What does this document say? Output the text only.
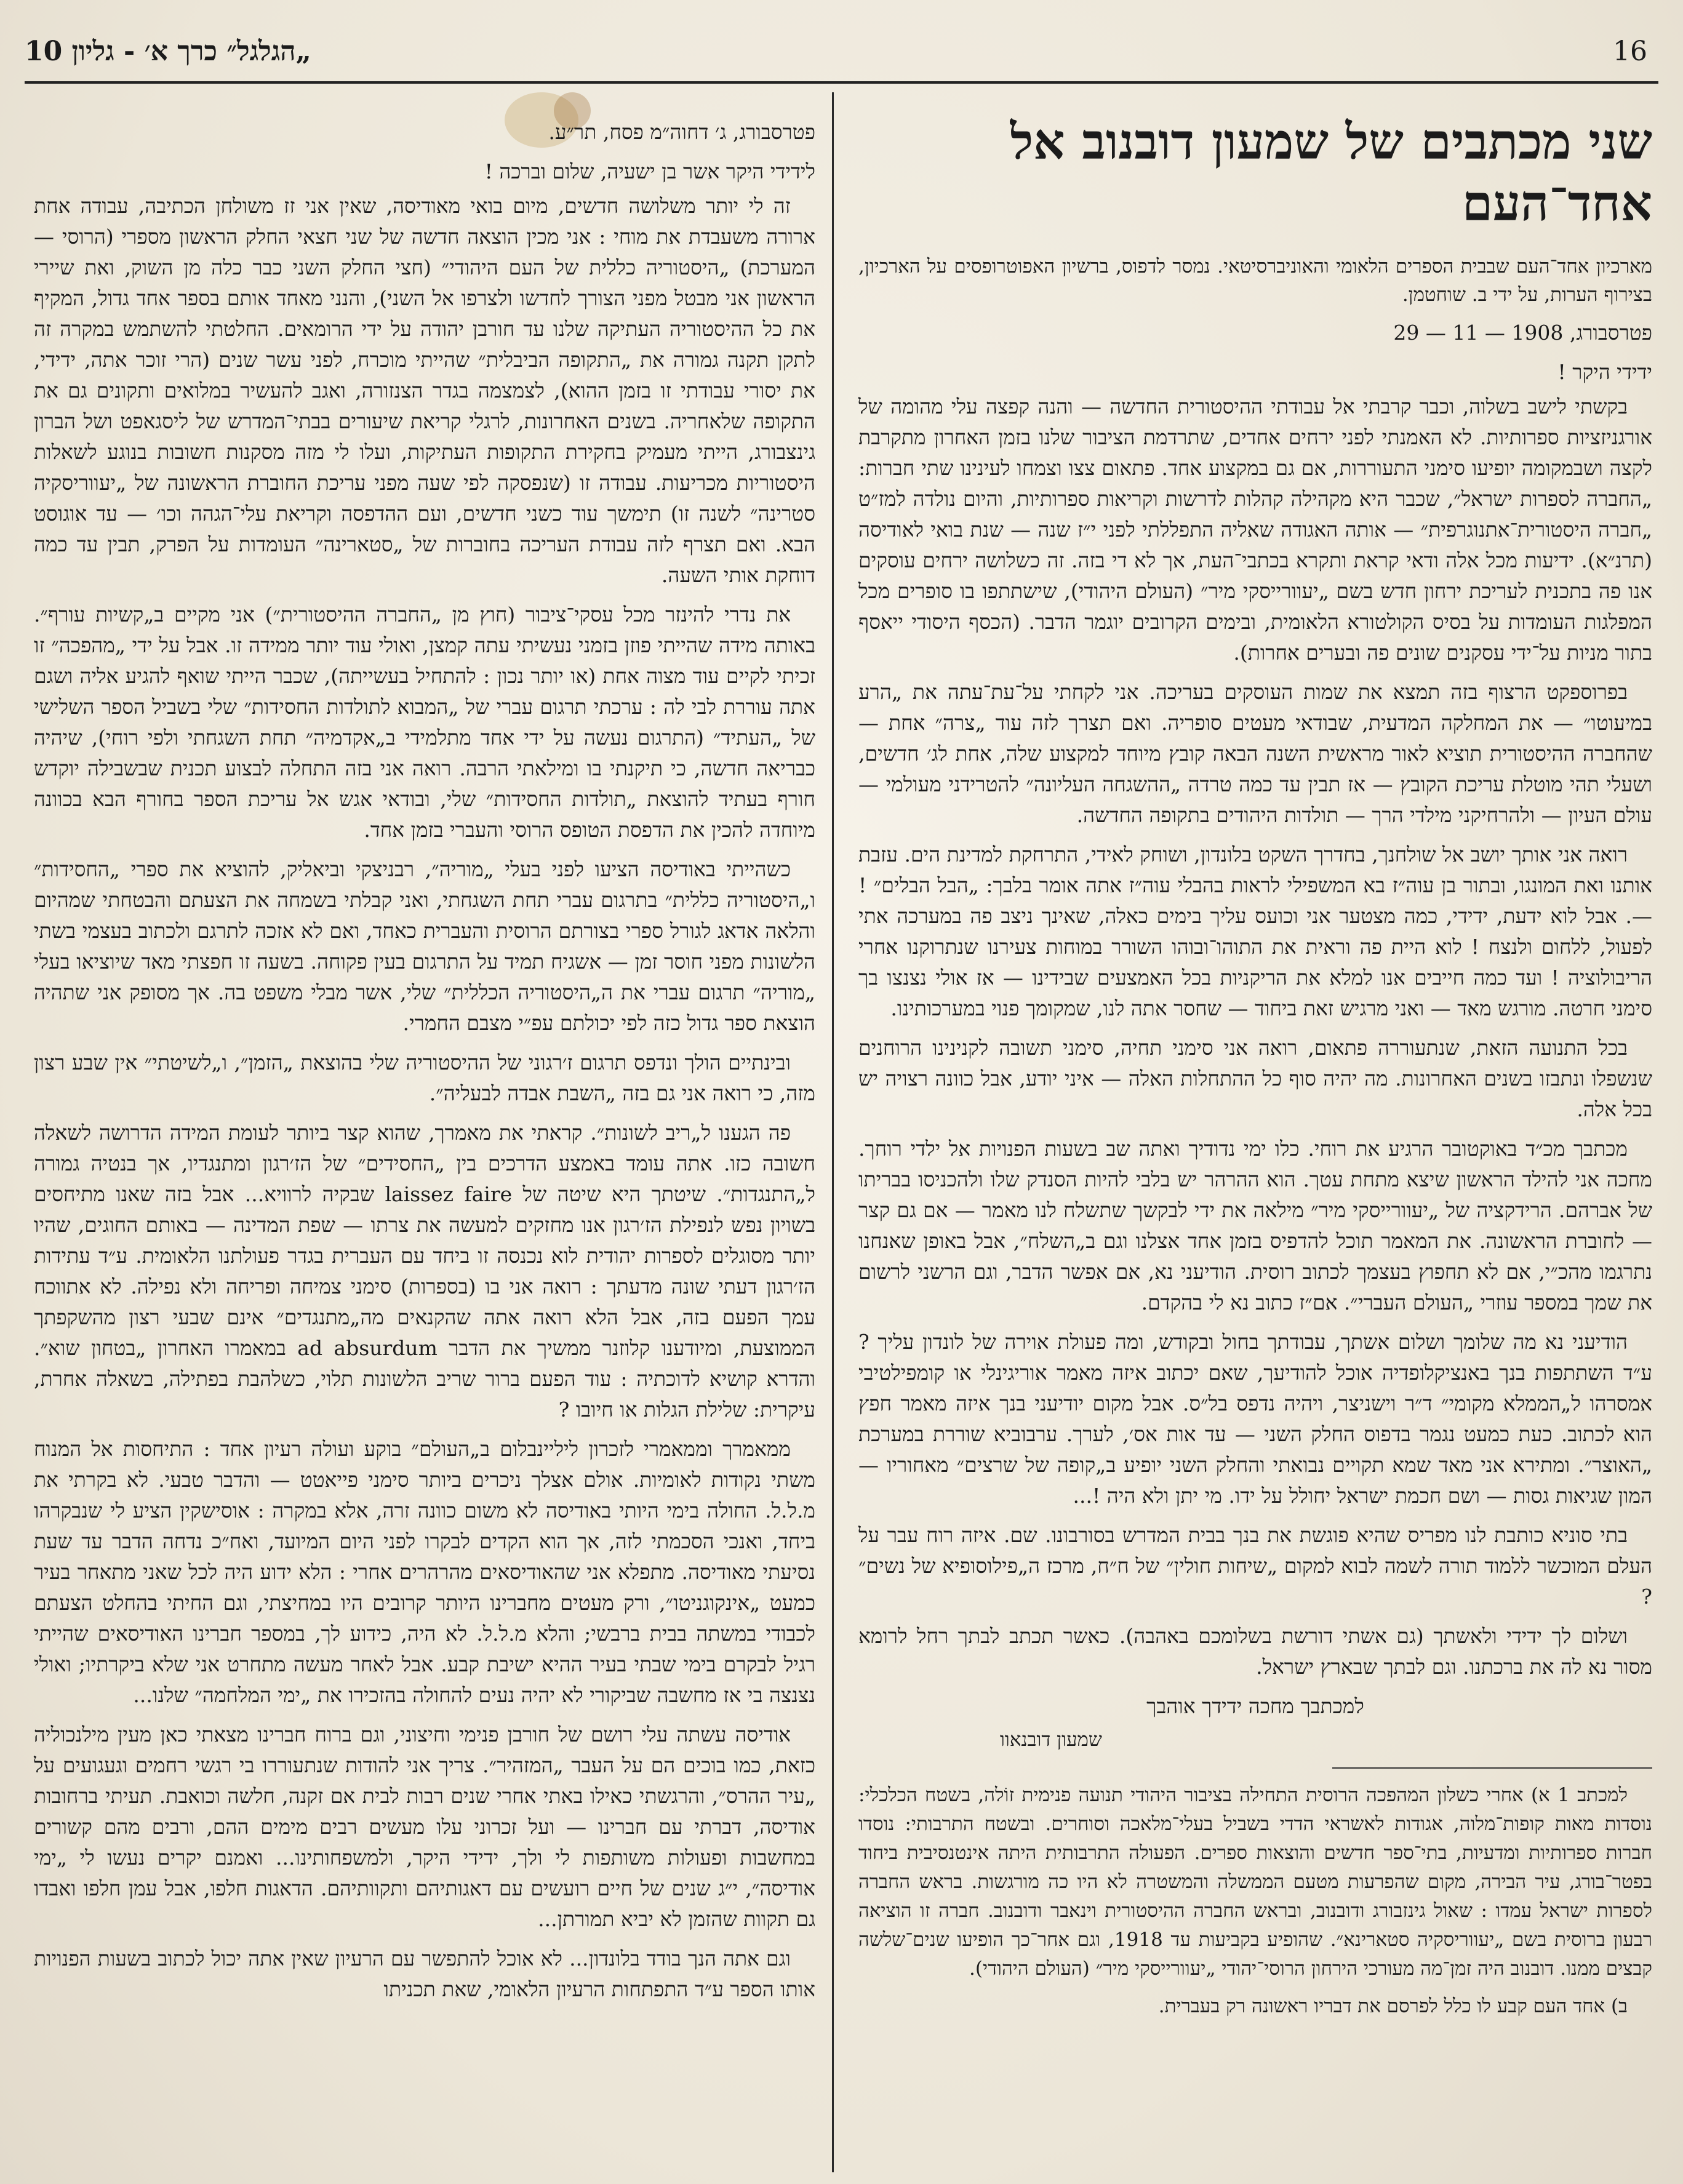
„הגלגל״ כרך א׳ - גליון 10	16
שני מכתבים של שמעון דובנוב אל אחד־העם

מארכיון אחד־העם שבבית הספרים הלאומי והאוניברסיטאי. נמסר לדפוס, ברשיון האפוטרופסים על הארכיון, בצירוף הערות, על ידי ב. שוחטמן.

פטרסבורג, 1908 — 11 — 29

ידידי היקר !

בקשתי לישב בשלוה, וכבר קרבתי אל עבודתי ההיסטורית החדשה — והנה קפצה עלי מהומה של אורגניזציות ספרותיות. לא האמנתי לפני ירחים אחדים, שתרדמת הציבור שלנו בזמן האחרון מתקרבת לקצה ושבמקומה יופיעו סימני התעוררות, אם גם במקצוע אחד. פתאום צצו וצמחו לעינינו שתי חברות: „החברה לספרות ישראל״, שכבר היא מקהילה קהלות לדרשות וקריאות ספרותיות, והיום נולדה למז״ט „חברה היסטורית־אתנוגרפית״ — אותה האגודה שאליה התפללתי לפני י״ז שנה — שנת בואי לאודיסה (תרנ״א). ידיעות מכל אלה ודאי קראת ותקרא בכתבי־העת, אך לא די בזה. זה כשלושה ירחים עוסקים אנו פה בתכנית לעריכת ירחון חדש בשם „יעוורייסקי מיר״ (העולם היהודי), שישתתפו בו סופרים מכל המפלגות העומדות על בסיס הקולטורא הלאומית, ובימים הקרובים יוגמר הדבר. (הכסף היסודי ייאסף בתור מניות על־ידי עסקנים שונים פה ובערים אחרות).

בפרוספקט הרצוף בזה תמצא את שמות העוסקים בעריכה. אני לקחתי על־עת־עתה את „הרע במיעוטו״ — את המחלקה המדעית, שבודאי מעטים סופריה. ואם תצרך לזה עוד „צרה״ אחת — שהחברה ההיסטורית תוציא לאור מראשית השנה הבאה קובץ מיוחד למקצוע שלה, אחת לג׳ חדשים, ושעלי תהי מוטלת עריכת הקובץ — אז תבין עד כמה טרדה „ההשגחה העליונה״ להטרידני מעולמי — עולם העיון — ולהרחיקני מילדי הרך — תולדות היהודים בתקופה החדשה.

רואה אני אותך יושב אל שולחנך, בחדרך השקט בלונדון, ושוחק לאידי, התרחקת למדינת הים. עזבת אותנו ואת המונגו, ובתור בן עוה״ז בא המשפילי לראות בהבלי עוה״ז אתה אומר בלבך: „הבל הבלים״ ! —. אבל לוא ידעת, ידידי, כמה מצטער אני וכועס עליך בימים כאלה, שאינך ניצב פה במערכה אתי לפעול, ללחום ולנצח ! לוא היית פה וראית את התוהו־ובוהו השורר במוחות צעירנו שנתרוקנו אחרי הריבולוציה ! ועד כמה חייבים אנו למלא את הריקניות בכל האמצעים שבידינו — אז אולי נצנצו בך סימני חרטה. מורגש מאד — ואני מרגיש זאת ביחוד — שחסר אתה לנו, שמקומך פנוי במערכותינו.

בכל התנועה הזאת, שנתעוררה פתאום, רואה אני סימני תחיה, סימני תשובה לקנינינו הרוחנים שנשפלו ונתבזו בשנים האחרונות. מה יהיה סוף כל ההתחלות האלה — איני יודע, אבל כוונה רצויה יש בכל אלה.

מכתבך מכ״ד באוקטובר הרגיע את רוחי. כלו ימי נדודיך ואתה שב בשעות הפנויות אל ילדי רוחך. מחכה אני להילד הראשון שיצא מתחת עטך. הוא ההרהר יש בלבי להיות הסנדק שלו ולהכניסו בבריתו של אברהם. הרידקציה של „יעוורייסקי מיר״ מילאה את ידי לבקשך שתשלח לנו מאמר — אם גם קצר — לחוברת הראשונה. את המאמר תוכל להדפיס בזמן אחד אצלנו וגם ב„השלח״, אבל באופן שאנחנו נתרגמו מהכ״י, אם לא תחפוץ בעצמך לכתוב רוסית. הודיעני נא, אם אפשר הדבר, וגם הרשני לרשום את שמך במספר עוזרי „העולם העברי״. אם״ז כתוב נא לי בהקדם.

הודיעני נא מה שלומך ושלום אשתך, עבודתך בחול ובקודש, ומה פעולת אוירה של לונדון עליך ? ע״ד השתתפות בנך באנציקלופדיה אוכל להודיעך, שאם יכתוב איזה מאמר אוריגינלי או קומפילטיבי אמסרהו ל„הממלא מקומי״ ד״ר וישניצר, ויהיה נדפס בל״ס. אבל מקום יודיעני בנך איזה מאמר חפץ הוא לכתוב. כעת כמעט נגמר בדפוס החלק השני — עד אות אס׳, לערך. ערבוביא שוררת במערכת „האוצר״. ומתירא אני מאד שמא תקויים נבואתי והחלק השני יופיע ב„קופה של שרצים״ מאחוריו — המון שגיאות גסות — ושם חכמת ישראל יחולל על ידו. מי יתן ולא היה !...

בתי סוניא כותבת לנו מפריס שהיא פוגשת את בנך בבית המדרש בסורבונו. שם. איזה רוח עבר על העלם המוכשר ללמוד תורה לשמה לבוא למקום „שיחות חולין״ של ח״ח, מרכז ה„פילוסופיא של נשים״ ?

ושלום לך ידידי ולאשתך (גם אשתי דורשת בשלומכם באהבה). כאשר תכתב לבתך רחל לרומא מסור נא לה את ברכתנו. וגם לבתך שבארץ ישראל.

למכתבך מחכה ידידך אוהבך

שמעון דובנאוו

למכתב 1 א) אחרי כשלון המהפכה הרוסית התחילה בציבור היהודי תנועה פנימית זוֹלה, בשטח הכלכלי: נוסדות מאות קופות־מלוה, אגודות לאשראי הדדי בשביל בעלי־מלאכה וסוחרים. ובשטח התרבותי: נוסדו חברות ספרותיות ומדעיות, בתי־ספר חדשים והוצאות ספרים. הפעולה התרבותית היתה אינטנסיבית ביחוד בפטר־בורג, עיר הבירה, מקום שהפרעות מטעם הממשלה והמשטרה לא היו כה מורגשות. בראש החברה לספרות ישראל עמדו : שאול גינזבורג ודובנוב, ובראש החברה ההיסטורית וינאבר ודובנוב. חברה זו הוציאה רבעון ברוסית בשם „יעווריסקיה סטארינא״. שהופיע בקביעות עד 1918, וגם אחר־כך הופיעו שנים־שלשה קבצים ממנו. דובנוב היה זמן־מה מעורכי הירחון הרוסי־יהודי „יעוורייסקי מיר״ (העולם היהודי).

ב) אחד העם קבע לו כלל לפרסם את דבריו ראשונה רק בעברית.

פטרסבורג, ג׳ דחוה״מ פסח, תר״ע.

לידידי היקר אשר בן ישעיה, שלום וברכה !

זה לי יותר משלושה חדשים, מיום בואי מאודיסה, שאין אני זז משולחן הכתיבה, עבודה אחת ארורה משעבדת את מוחי : אני מכין הוצאה חדשה של שני חצאי החלק הראשון מספרי (הרוסי — המערכת) „היסטוריה כללית של העם היהודי״ (חצי החלק השני כבר כלה מן השוק, ואת שיירי הראשון אני מבטל מפני הצורך לחדשו ולצרפו אל השני), והנני מאחד אותם בספר אחד גדול, המקיף את כל ההיסטוריה העתיקה שלנו עד חורבן יהודה על ידי הרומאים. החלטתי להשתמש במקרה זה לתקן תקנה גמורה את „התקופה הביבלית״ שהייתי מוכרח, לפני עשר שנים (הרי זוכר אתה, ידידי, את יסורי עבודתי זו בזמן ההוא), לצמצמה בגדר הצנזורה, ואגב להעשיר במלואים ותקונים גם את התקופה שלאחריה. בשנים האחרונות, לרגלי קריאת שיעורים בבתי־המדרש של ליסגאפט ושל הברון גינצבורג, הייתי מעמיק בחקירת התקופות העתיקות, ועלו לי מזה מסקנות חשובות בנוגע לשאלות היסטוריות מכריעות. עבודה זו (שנפסקה לפי שעה מפני עריכת החוברת הראשונה של „יעווריסקיה סטרינה״ לשנה זו) תימשך עוד כשני חדשים, ועם ההדפסה וקריאת עלי־הגהה וכו׳ — עד אוגוסט הבא. ואם תצרף לזה עבודת העריכה בחוברות של „סטארינה״ העומדות על הפרק, תבין עד כמה דוחקת אותי השעה.

את נדרי להינזר מכל עסקי־ציבור (חוץ מן „החברה ההיסטורית״) אני מקיים ב„קשיות עורף״. באותה מידה שהייתי פוזן בזמני נעשיתי עתה קמצן, ואולי עוד יותר ממידה זו. אבל על ידי „מהפכה״ זו זכיתי לקיים עוד מצוה אחת (או יותר נכון : להתחיל בעשייתה), שכבר הייתי שואף להגיע אליה ושגם אתה עוררת לבי לה : ערכתי תרגום עברי של „המבוא לתולדות החסידות״ שלי בשביל הספר השלישי של „העתיד״ (התרגום נעשה על ידי אחד מתלמידי ב„אקדמיה״ תחת השגחתי ולפי רוחי), שיהיה כבריאה חדשה, כי תיקנתי בו ומילאתי הרבה. רואה אני בזה התחלה לבצוע תכנית שבשבילה יוקדש חורף בעתיד להוצאת „תולדות החסידות״ שלי, ובודאי אגש אל עריכת הספר בחורף הבא בכוונה מיוחדה להכין את הדפסת הטופס הרוסי והעברי בזמן אחד.

כשהייתי באודיסה הציעו לפני בעלי „מוריה״, רבניצקי וביאליק, להוציא את ספרי „החסידות״ ו„היסטוריה כללית״ בתרגום עברי תחת השגחתי, ואני קבלתי בשמחה את הצעתם והבטחתי שמהיום והלאה אדאג לגורל ספרי בצורתם הרוסית והעברית כאחד, ואם לא אזכה לתרגם ולכתוב בעצמי בשתי הלשונות מפני חוסר זמן — אשגיח תמיד על התרגום בעין פקוחה. בשעה זו חפצתי מאד שיוציאו בעלי „מוריה״ תרגום עברי את ה„היסטוריה הכללית״ שלי, אשר מבלי משפט בה. אך מסופק אני שתהיה הוצאת ספר גדול כזה לפי יכולתם עפ״י מצבם החמרי.

ובינתיים הולך ונדפס תרגום ז׳רגוני של ההיסטוריה שלי בהוצאת „הזמן״, ו„לשיטתי״ אין שבע רצון מזה, כי רואה אני גם בזה „השבת אבדה לבעליה״.

פה הגענו ל„ריב לשונות״. קראתי את מאמרך, שהוא קצר ביותר לעומת המידה הדרושה לשאלה חשובה כזו. אתה עומד באמצע הדרכים בין „החסידים״ של הז׳רגון ומתנגדיו, אך בנטיה גמורה ל„התנגדות״. שיטתך היא שיטה של laissez faire שבקיה לרוויא... אבל בזה שאנו מתיחסים בשויון נפש לנפילת הז׳רגון אנו מחזקים למעשה את צרתו — שפת המדינה — באותם החוגים, שהיו יותר מסוגלים לספרות יהודית לוא נכנסה זו ביחד עם העברית בגדר פעולתנו הלאומית. ע״ד עתידות הז׳רגון דעתי שונה מדעתך : רואה אני בו (בספרות) סימני צמיחה ופריחה ולא נפילה. לא אתווכח עמך הפעם בזה, אבל הלא רואה אתה שהקנאים מה„מתנגדים״ אינם שבעי רצון מהשקפתך הממוצעת, ומיודענו קלוזנר ממשיך את הדבר ad absurdum במאמרו האחרון „בטחון שוא״. והדרא קושיא לדוכתיה : עוד הפעם ברור שריב הלשונות תלוי, כשלהבת בפתילה, בשאלה אחרת, עיקרית: שלילת הגלות או חיובו ?

ממאמרך וממאמרי לזכרון ליליינבלום ב„העולם״ בוקע ועולה רעיון אחד : התיחסות אל המנוח משתי נקודות לאומיות. אולם אצלך ניכרים ביותר סימני פייאטט — והדבר טבעי. לא בקרתי את מ.ל.ל. החולה בימי היותי באודיסה לא משום כוונה זרה, אלא במקרה : אוסישקין הציע לי שנבקרהו ביחד, ואנכי הסכמתי לזה, אך הוא הקדים לבקרו לפני היום המיועד, ואח״כ נדחה הדבר עד שעת נסיעתי מאודיסה. מתפלא אני שהאודיסאים מהרהרים אחרי : הלא ידוע היה לכל שאני מתאחר בעיר כמעט „אינקוגניטו״, ורק מעטים מחברינו היותר קרובים היו במחיצתי, וגם החיתי בהחלט הצעתם לכבודי במשתה בבית ברבשי; והלא מ.ל.ל. לא היה, כידוע לך, במספר חברינו האודיסאים שהייתי רגיל לבקרם בימי שבתי בעיר ההיא ישיבת קבע. אבל לאחר מעשה מתחרט אני שלא ביקרתיו; ואולי נצנצה בי אז מחשבה שביקורי לא יהיה נעים להחולה בהזכירו את „ימי המלחמה״ שלנו...

אודיסה עשתה עלי רושם של חורבן פנימי וחיצוני, וגם ברוח חברינו מצאתי כאן מעין מילנכוליה כזאת, כמו בוכים הם על העבר „המזהיר״. צריך אני להודות שנתעוררו בי רגשי רחמים וגעגועים על „עיר ההרס״, והרגשתי כאילו באתי אחרי שנים רבות לבית אם זקנה, חלשה וכואבת. תעיתי ברחובות אודיסה, דברתי עם חברינו — ועל זכרוני עלו מעשים רבים מימים ההם, ורבים מהם קשורים במחשבות ופעולות משותפות לי ולך, ידידי היקר, ולמשפחותינו... ואמנם יקרים נעשו לי „ימי אודיסה״, י״ג שנים של חיים רועשים עם דאגותיהם ותקוותיהם. הדאגות חלפו, אבל עמן חלפו ואבדו גם תקוות שהזמן לא יביא תמורתן...

וגם אתה הנך בודד בלונדון... לא אוכל להתפשר עם הרעיון שאין אתה יכול לכתוב בשעות הפנויות אותו הספר ע״ד התפתחות הרעיון הלאומי, שאת תכניתו
